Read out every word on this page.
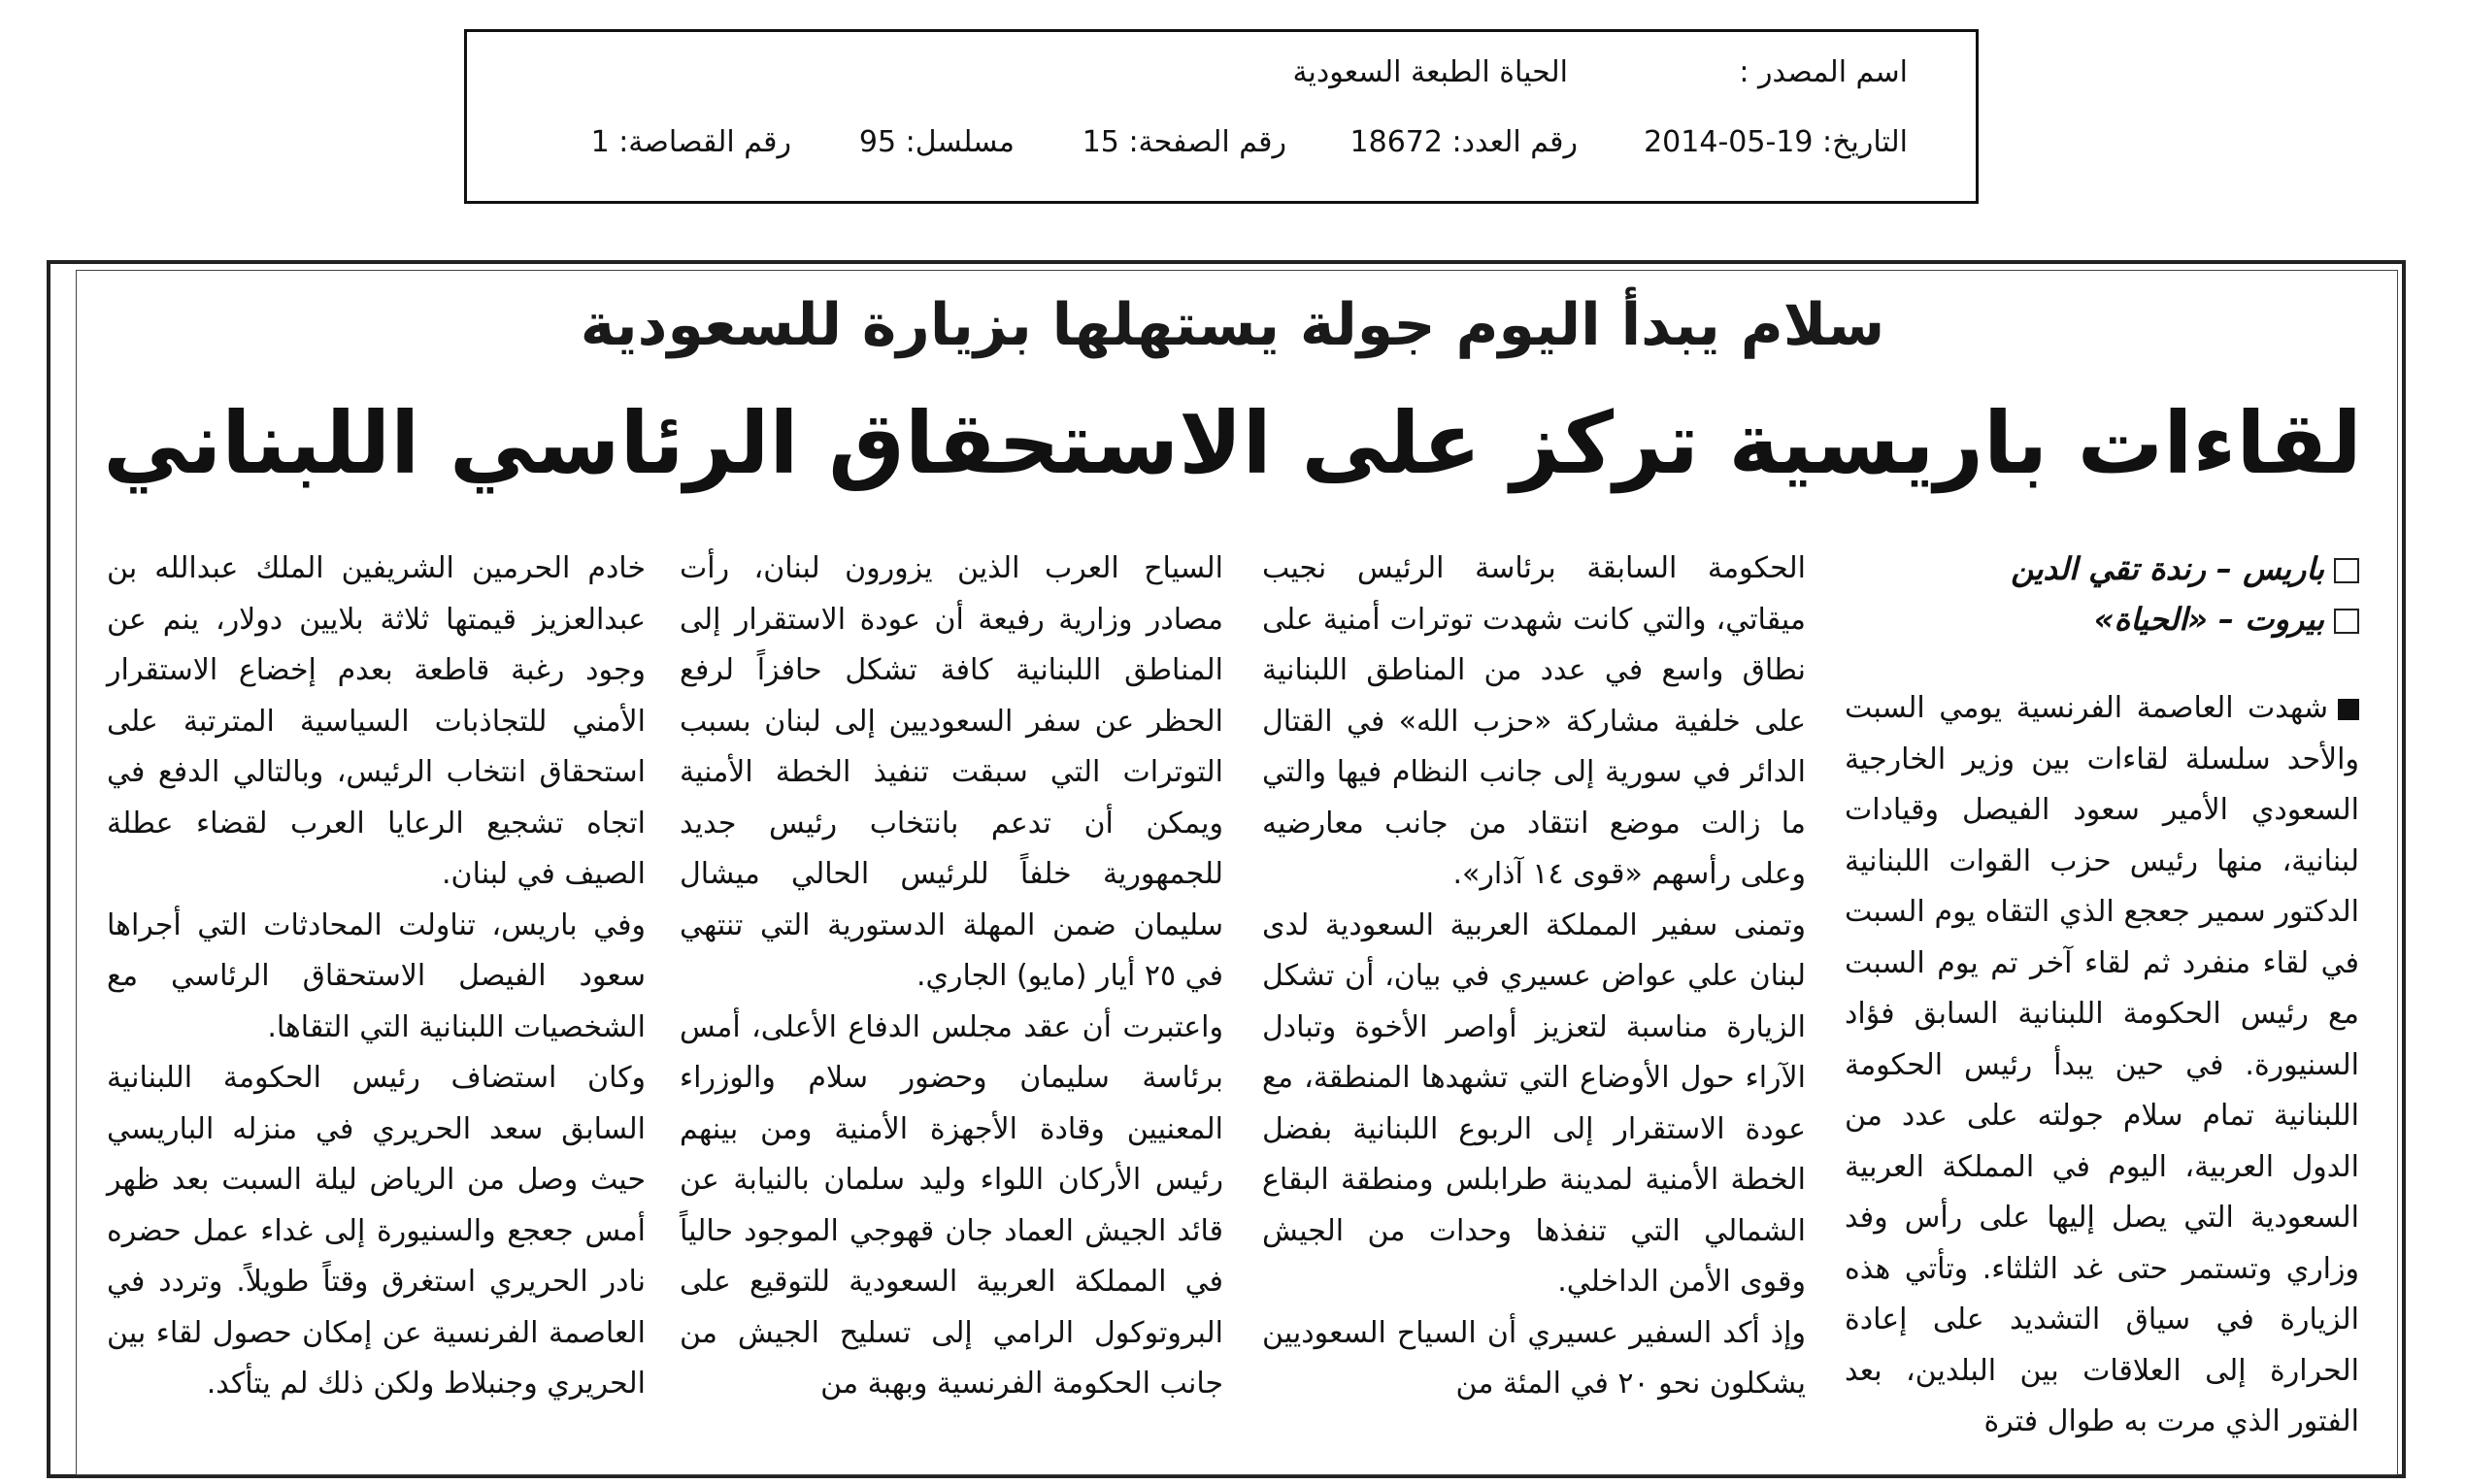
اسم المصدر :
الحياة الطبعة السعودية
التاريخ: 19-05-2014
رقم العدد: 18672
رقم الصفحة: 15
مسلسل: 95
رقم القصاصة: 1
سلام يبدأ اليوم جولة يستهلها بزيارة للسعودية
لقاءات باريسية تركز على الاستحقاق الرئاسي اللبناني
باريس – رندة تقي الدين
بيروت – «الحياة»

شهدت العاصمة الفرنسية يومي السبت والأحد سلسلة لقاءات بين وزير الخارجية السعودي الأمير سعود الفيصل وقيادات لبنانية، منها رئيس حزب القوات اللبنانية الدكتور سمير جعجع الذي التقاه يوم السبت في لقاء منفرد ثم لقاء آخر تم يوم السبت مع رئيس الحكومة اللبنانية السابق فؤاد السنيورة. في حين يبدأ رئيس الحكومة اللبنانية تمام سلام جولته على عدد من الدول العربية، اليوم في المملكة العربية السعودية التي يصل إليها على رأس وفد وزاري وتستمر حتى غد الثلثاء. وتأتي هذه الزيارة في سياق التشديد على إعادة الحرارة إلى العلاقات بين البلدين، بعد الفتور الذي مرت به طوال فترة

الحكومة السابقة برئاسة الرئيس نجيب ميقاتي، والتي كانت شهدت توترات أمنية على نطاق واسع في عدد من المناطق اللبنانية على خلفية مشاركة «حزب الله» في القتال الدائر في سورية إلى جانب النظام فيها والتي ما زالت موضع انتقاد من جانب معارضيه وعلى رأسهم «قوى ١٤ آذار».

وتمنى سفير المملكة العربية السعودية لدى لبنان علي عواض عسيري في بيان، أن تشكل الزيارة مناسبة لتعزيز أواصر الأخوة وتبادل الآراء حول الأوضاع التي تشهدها المنطقة، مع عودة الاستقرار إلى الربوع اللبنانية بفضل الخطة الأمنية لمدينة طرابلس ومنطقة البقاع الشمالي التي تنفذها وحدات من الجيش وقوى الأمن الداخلي.

وإذ أكد السفير عسيري أن السياح السعوديين يشكلون نحو ٢٠ في المئة من

السياح العرب الذين يزورون لبنان، رأت مصادر وزارية رفيعة أن عودة الاستقرار إلى المناطق اللبنانية كافة تشكل حافزاً لرفع الحظر عن سفر السعوديين إلى لبنان بسبب التوترات التي سبقت تنفيذ الخطة الأمنية ويمكن أن تدعم بانتخاب رئيس جديد للجمهورية خلفاً للرئيس الحالي ميشال سليمان ضمن المهلة الدستورية التي تنتهي في ٢٥ أيار (مايو) الجاري.

واعتبرت أن عقد مجلس الدفاع الأعلى، أمس برئاسة سليمان وحضور سلام والوزراء المعنيين وقادة الأجهزة الأمنية ومن بينهم رئيس الأركان اللواء وليد سلمان بالنيابة عن قائد الجيش العماد جان قهوجي الموجود حالياً في المملكة العربية السعودية للتوقيع على البروتوكول الرامي إلى تسليح الجيش من جانب الحكومة الفرنسية وبهبة من

خادم الحرمين الشريفين الملك عبدالله بن عبدالعزيز قيمتها ثلاثة بلايين دولار، ينم عن وجود رغبة قاطعة بعدم إخضاع الاستقرار الأمني للتجاذبات السياسية المترتبة على استحقاق انتخاب الرئيس، وبالتالي الدفع في اتجاه تشجيع الرعايا العرب لقضاء عطلة الصيف في لبنان.

وفي باريس، تناولت المحادثات التي أجراها سعود الفيصل الاستحقاق الرئاسي مع الشخصيات اللبنانية التي التقاها.

وكان استضاف رئيس الحكومة اللبنانية السابق سعد الحريري في منزله الباريسي حيث وصل من الرياض ليلة السبت بعد ظهر أمس جعجع والسنيورة إلى غداء عمل حضره نادر الحريري استغرق وقتاً طويلاً. وتردد في العاصمة الفرنسية عن إمكان حصول لقاء بين الحريري وجنبلاط ولكن ذلك لم يتأكد.
